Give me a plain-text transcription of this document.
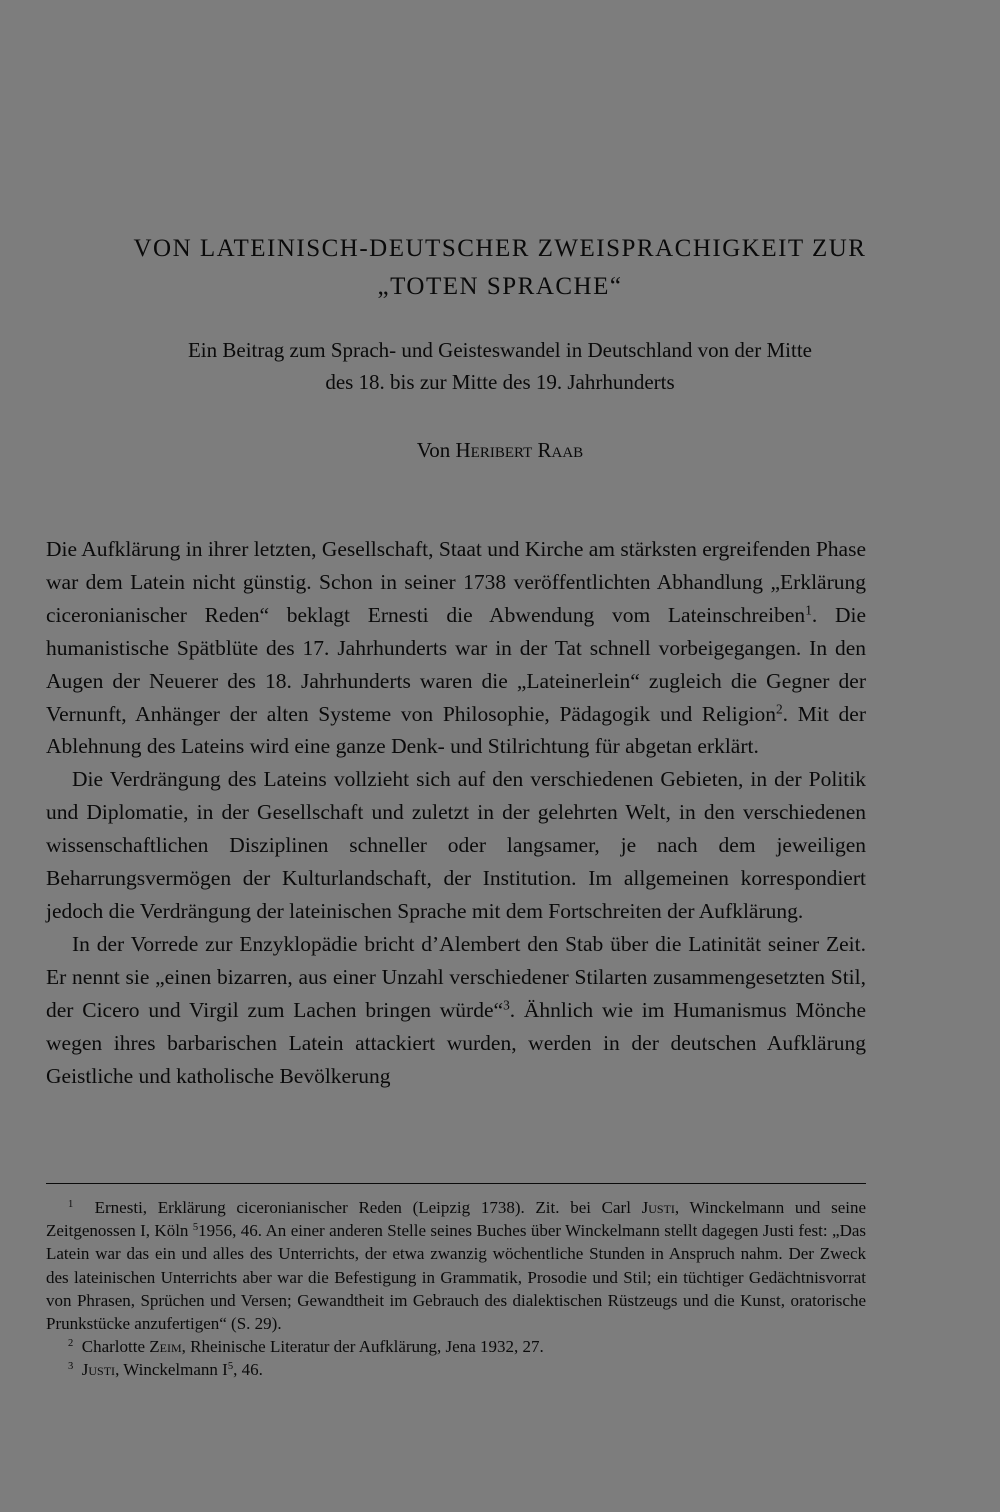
VON LATEINISCH-DEUTSCHER ZWEISPRACHIGKEIT ZUR
„TOTEN SPRACHE“
Ein Beitrag zum Sprach- und Geisteswandel in Deutschland von der Mitte
des 18. bis zur Mitte des 19. Jahrhunderts
Von Heribert Raab

Die Aufklärung in ihrer letzten, Gesellschaft, Staat und Kirche am stärksten ergreifenden Phase war dem Latein nicht günstig. Schon in seiner 1738 veröffentlichten Abhandlung „Erklärung ciceronianischer Reden“ beklagt Ernesti die Abwendung vom Lateinschreiben$^1$. Die humanistische Spätblüte des 17. Jahrhunderts war in der Tat schnell vorbeigegangen. In den Augen der Neuerer des 18. Jahrhunderts waren die „Lateinerlein“ zugleich die Gegner der Vernunft, Anhänger der alten Systeme von Philosophie, Pädagogik und Religion$^2$. Mit der Ablehnung des Lateins wird eine ganze Denk- und Stilrichtung für abgetan erklärt.

Die Verdrängung des Lateins vollzieht sich auf den verschiedenen Gebieten, in der Politik und Diplomatie, in der Gesellschaft und zuletzt in der gelehrten Welt, in den verschiedenen wissenschaftlichen Disziplinen schneller oder langsamer, je nach dem jeweiligen Beharrungsvermögen der Kulturlandschaft, der Institution. Im allgemeinen korrespondiert jedoch die Verdrängung der lateinischen Sprache mit dem Fortschreiten der Aufklärung.

In der Vorrede zur Enzyklopädie bricht d’Alembert den Stab über die Latinität seiner Zeit. Er nennt sie „einen bizarren, aus einer Unzahl verschiedener Stilarten zusammengesetzten Stil, der Cicero und Virgil zum Lachen bringen würde“$^3$. Ähnlich wie im Humanismus Mönche wegen ihres barbarischen Latein attackiert wurden, werden in der deutschen Aufklärung Geistliche und katholische Bevölkerung

$^1$ Ernesti, Erklärung ciceronianischer Reden (Leipzig 1738). Zit. bei Carl Justi, Winckelmann und seine Zeitgenossen I, Köln $^5$1956, 46. An einer anderen Stelle seines Buches über Winckelmann stellt dagegen Justi fest: „Das Latein war das ein und alles des Unterrichts, der etwa zwanzig wöchentliche Stunden in Anspruch nahm. Der Zweck des lateinischen Unterrichts aber war die Befestigung in Grammatik, Prosodie und Stil; ein tüchtiger Gedächtnisvorrat von Phrasen, Sprüchen und Versen; Gewandtheit im Gebrauch des dialektischen Rüstzeugs und die Kunst, oratorische Prunkstücke anzufertigen“ (S. 29).

$^2$ Charlotte Zeim, Rheinische Literatur der Aufklärung, Jena 1932, 27.

$^3$ Justi, Winckelmann $I^5$, 46.
